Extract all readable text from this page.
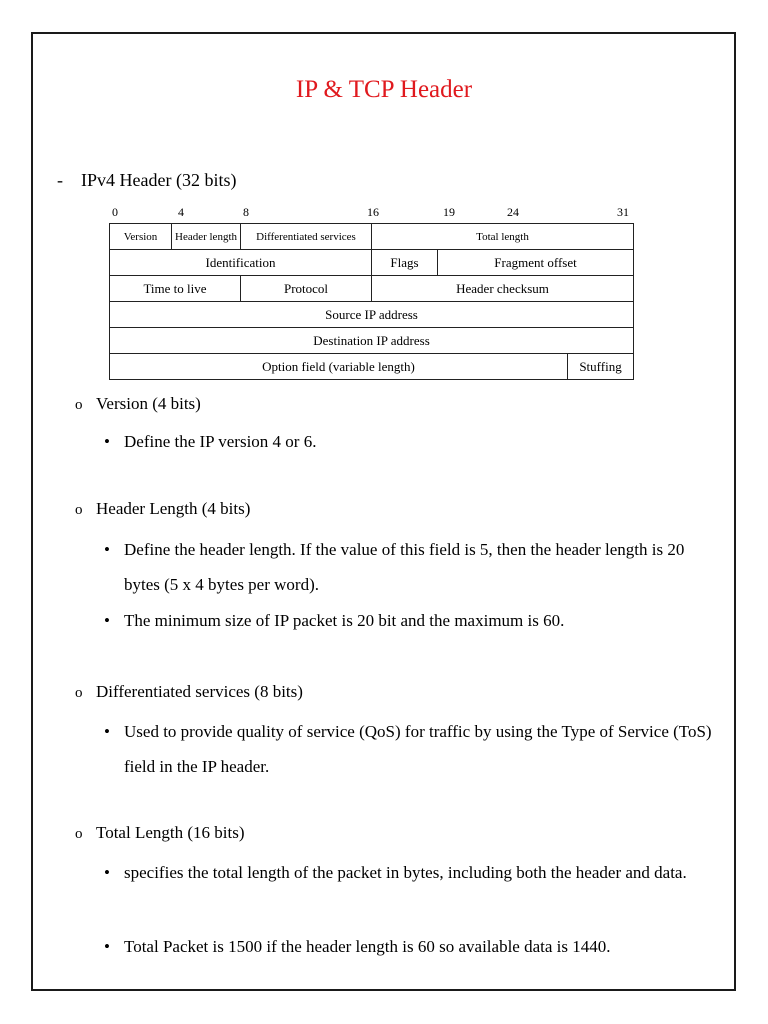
IP & TCP Header
- IPv4 Header (32 bits)
0	4	8	16	19	24	31
Version	Header length	Differentiated services	Total length		
Identification			Flags	Fragment offset	
Time to live		Protocol	Header checksum		
Source IP address					
Destination IP address					
Option field (variable length)					Stuffing
o Version (4 bits)
• Define the IP version 4 or 6.
o Header Length (4 bits)
• Define the header length. If the value of this field is 5, then the header length is 20 bytes (5 x 4 bytes per word).
• The minimum size of IP packet is 20 bit and the maximum is 60.
o Differentiated services (8 bits)
• Used to provide quality of service (QoS) for traffic by using the Type of Service (ToS) field in the IP header.
o Total Length (16 bits)
• specifies the total length of the packet in bytes, including both the header and data.
• Total Packet is 1500 if the header length is 60 so available data is 1440.
